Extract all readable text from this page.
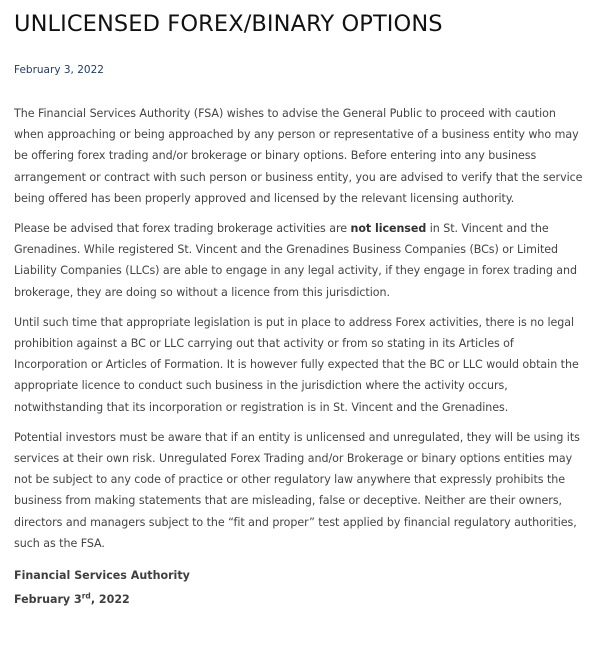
UNLICENSED FOREX/BINARY OPTIONS
February 3, 2022

The Financial Services Authority (FSA) wishes to advise the General Public to proceed with caution when approaching or being approached by any person or representative of a business entity who may be offering forex trading and/or brokerage or binary options. Before entering into any business arrangement or contract with such person or business entity, you are advised to verify that the service being offered has been properly approved and licensed by the relevant licensing authority.

Please be advised that forex trading brokerage activities are not licensed in St. Vincent and the Grenadines. While registered St. Vincent and the Grenadines Business Companies (BCs) or Limited Liability Companies (LLCs) are able to engage in any legal activity, if they engage in forex trading and brokerage, they are doing so without a licence from this jurisdiction.

Until such time that appropriate legislation is put in place to address Forex activities, there is no legal prohibition against a BC or LLC carrying out that activity or from so stating in its Articles of Incorporation or Articles of Formation. It is however fully expected that the BC or LLC would obtain the appropriate licence to conduct such business in the jurisdiction where the activity occurs, notwithstanding that its incorporation or registration is in St. Vincent and the Grenadines.

Potential investors must be aware that if an entity is unlicensed and unregulated, they will be using its services at their own risk. Unregulated Forex Trading and/or Brokerage or binary options entities may not be subject to any code of practice or other regulatory law anywhere that expressly prohibits the business from making statements that are misleading, false or deceptive. Neither are their owners, directors and managers subject to the “fit and proper” test applied by financial regulatory authorities, such as the FSA.

Financial Services Authority
February 3rd, 2022
